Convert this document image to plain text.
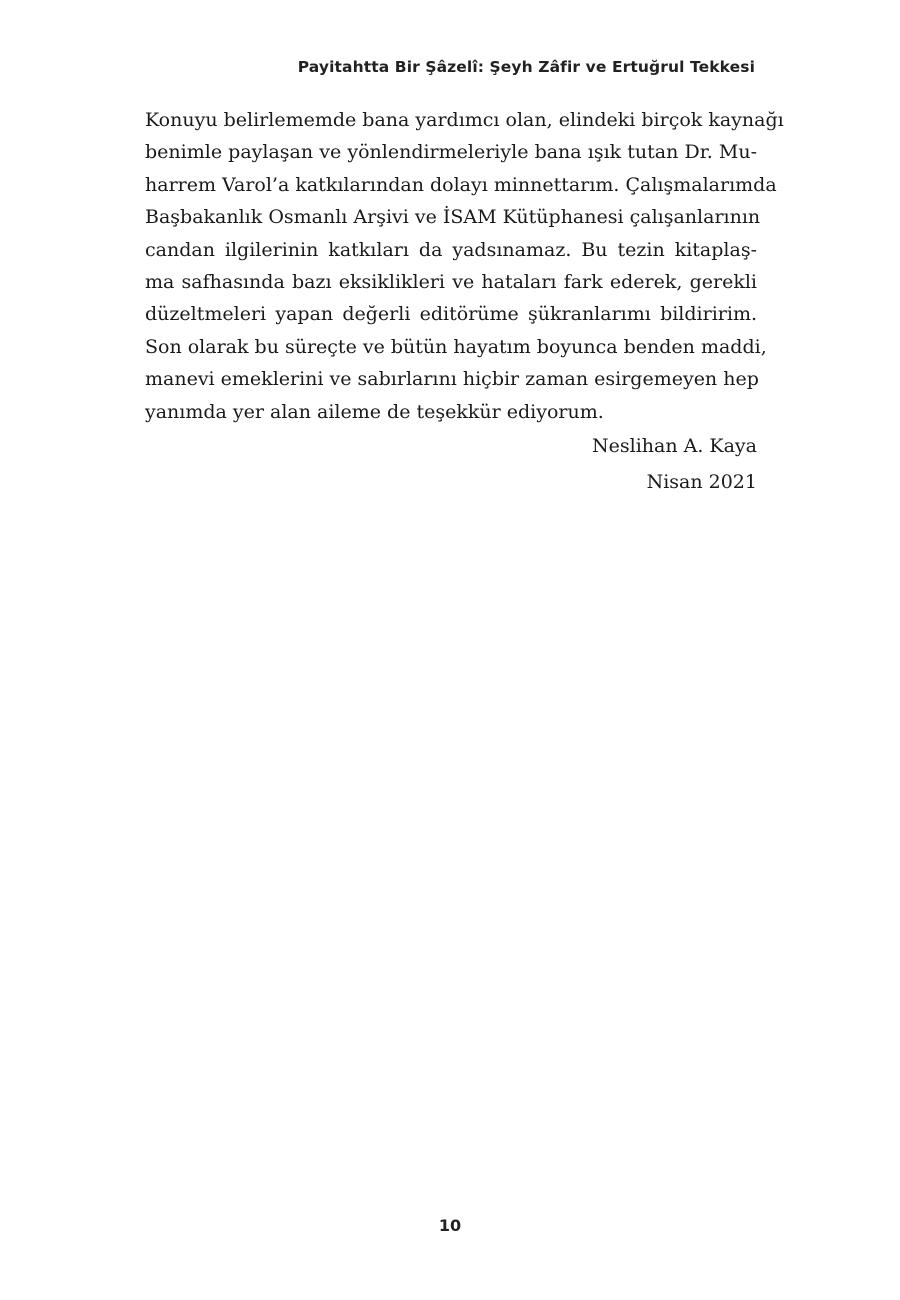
Payitahtta Bir Şâzelî: Şeyh Zâfir ve Ertuğrul Tekkesi
Konuyu belirlememde bana yardımcı olan, elindeki birçok kaynağı
benimle paylaşan ve yönlendirmeleriyle bana ışık tutan Dr. Mu-
harrem Varol’a katkılarından dolayı minnettarım. Çalışmalarımda
Başbakanlık Osmanlı Arşivi ve İSAM Kütüphanesi çalışanlarının
candan ilgilerinin katkıları da yadsınamaz. Bu tezin kitaplaş-
ma safhasında bazı eksiklikleri ve hataları fark ederek, gerekli
düzeltmeleri yapan değerli editörüme şükranlarımı bildiririm.
Son olarak bu süreçte ve bütün hayatım boyunca benden maddi,
manevi emeklerini ve sabırlarını hiçbir zaman esirgemeyen hep
yanımda yer alan aileme de teşekkür ediyorum.
Neslihan A. Kaya
Nisan 2021
10
